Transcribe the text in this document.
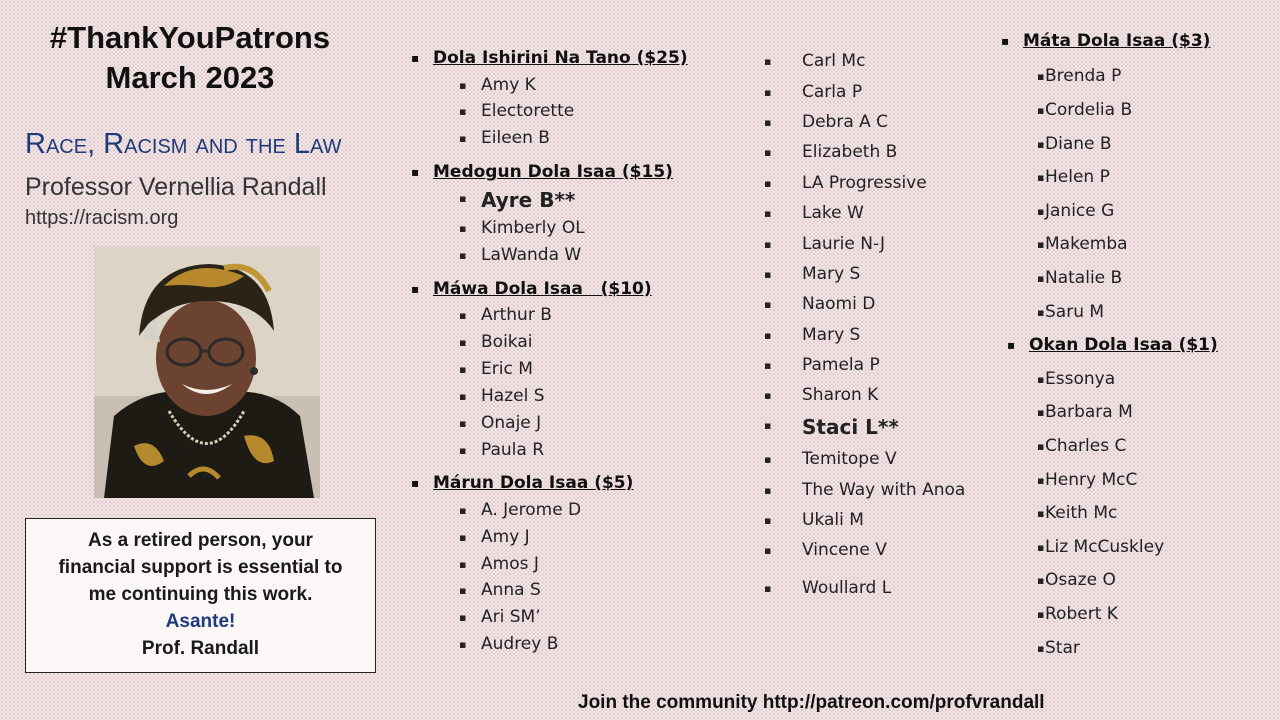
#ThankYouPatrons
March 2023
Race, Racism and the Law
Professor Vernellia Randall
https://racism.org
As a retired person, your
financial support is essential to
me continuing this work.
Asante!
Prof. Randall
▪ Dola Ishirini Na Tano ($25)
▪ Amy K
▪ Electorette
▪ Eileen B
▪ Medogun Dola Isaa ($15)
▪ Ayre B**
▪ Kimberly OL
▪ LaWanda W
▪ Máwa Dola Isaa   ($10)
▪ Arthur B
▪ Boikai
▪ Eric M
▪ Hazel S
▪ Onaje J
▪ Paula R
▪ Márun Dola Isaa ($5)
▪ A. Jerome D
▪ Amy J
▪ Amos J
▪ Anna S
▪ Ari SM’
▪ Audrey B
▪ Carl Mc
▪ Carla P
▪ Debra A C
▪ Elizabeth B
▪ LA Progressive
▪ Lake W
▪ Laurie N-J
▪ Mary S
▪ Naomi D
▪ Mary S
▪ Pamela P
▪ Sharon K
▪ Staci L**
▪ Temitope V
▪ The Way with Anoa
▪ Ukali M
▪ Vincene V
▪ Woullard L
▪ Máta Dola Isaa ($3)
▪ Brenda P
▪ Cordelia B
▪ Diane B
▪ Helen P
▪ Janice G
▪ Makemba
▪ Natalie B
▪ Saru M
▪ Okan Dola Isaa ($1)
▪ Essonya
▪ Barbara M
▪ Charles C
▪ Henry McC
▪ Keith Mc
▪ Liz McCuskley
▪ Osaze O
▪ Robert K
▪ Star
Join the community http://patreon.com/profvrandall
